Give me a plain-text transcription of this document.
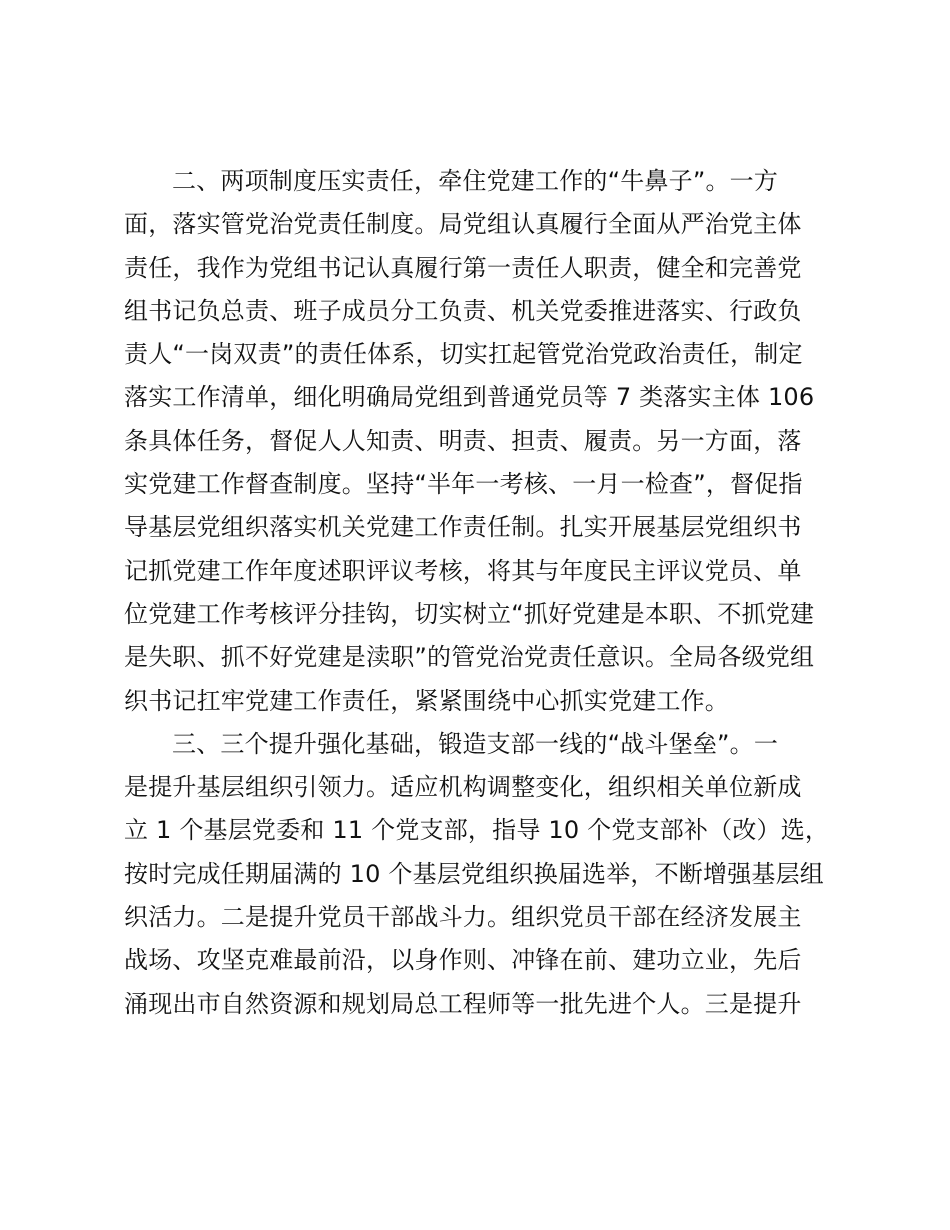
二、两项制度压实责任，牵住党建工作的“牛鼻子”。一方
面，落实管党治党责任制度。局党组认真履行全面从严治党主体
责任，我作为党组书记认真履行第一责任人职责，健全和完善党
组书记负总责、班子成员分工负责、机关党委推进落实、行政负
责人“一岗双责”的责任体系，切实扛起管党治党政治责任，制定
落实工作清单，细化明确局党组到普通党员等 7 类落实主体 106
条具体任务，督促人人知责、明责、担责、履责。另一方面，落
实党建工作督查制度。坚持“半年一考核、一月一检查”，督促指
导基层党组织落实机关党建工作责任制。扎实开展基层党组织书
记抓党建工作年度述职评议考核，将其与年度民主评议党员、单
位党建工作考核评分挂钩，切实树立“抓好党建是本职、不抓党建
是失职、抓不好党建是渎职”的管党治党责任意识。全局各级党组
织书记扛牢党建工作责任，紧紧围绕中心抓实党建工作。
三、三个提升强化基础，锻造支部一线的“战斗堡垒”。一
是提升基层组织引领力。适应机构调整变化，组织相关单位新成
立 1 个基层党委和 11 个党支部，指导 10 个党支部补（改）选，
按时完成任期届满的 10 个基层党组织换届选举，不断增强基层组
织活力。二是提升党员干部战斗力。组织党员干部在经济发展主
战场、攻坚克难最前沿，以身作则、冲锋在前、建功立业，先后
涌现出市自然资源和规划局总工程师等一批先进个人。三是提升
